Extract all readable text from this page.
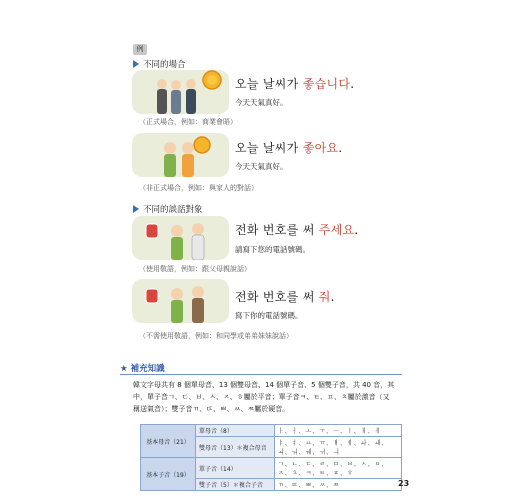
例
不同的場合
오늘 날씨가 좋습니다.
今天天氣真好。
（正式場合，例如：商業會晤）
오늘 날씨가 좋아요.
今天天氣真好。
（非正式場合，例如：與家人的對話）
不同的談話對象
전화 번호를 써 주세요.
請寫下您的電話號碼。
（使用敬語，例如：跟父母親說話）
전화 번호를 써 줘.
寫下你的電話號碼。
（不需使用敬語，例如：和同學或弟弟妹妹說話）
★ 補充知識
韓文字母共有 8 個單母音、13 個雙母音、14 個單子音、5 個雙子音，共 40 音，其
中，單子音ㄱ、ㄷ、ㅂ、ㅅ、ㅈ、ㅎ屬於平音；單子音ㅋ、ㅌ、ㅍ、ㅊ屬於激音（又
稱送氣音）；雙子音ㄲ、ㄸ、ㅃ、ㅆ、ㅉ屬於硬音。
基本母音（21）	單母音（8）	ㅏ、ㅓ、ㅗ、ㅜ、ㅡ、ㅣ、ㅐ、ㅔ
	雙母音（13）＊複合母音	ㅑ、ㅕ、ㅛ、ㅠ、ㅒ、ㅖ、ㅘ、ㅙ、ㅚ、ㅝ、ㅞ、ㅟ、ㅢ
基本子音（19）	單子音（14）	ㄱ、ㄴ、ㄷ、ㄹ、ㅁ、ㅂ、ㅅ、ㅇ、ㅈ、ㅊ、ㅋ、ㅌ、ㅍ、ㅎ
	雙子音（5）＊複合子音	ㄲ、ㄸ、ㅃ、ㅆ、ㅉ	23
